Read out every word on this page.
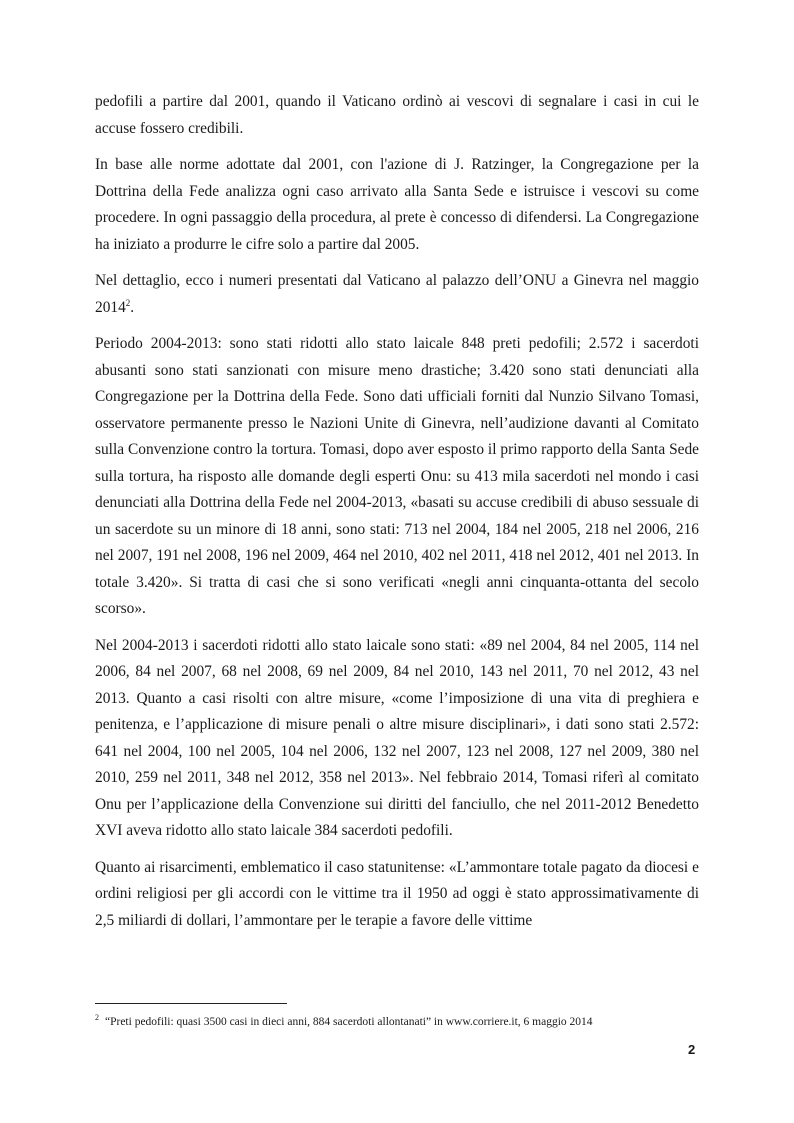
pedofili a partire dal 2001, quando il Vaticano ordinò ai vescovi di segnalare i casi in cui le accuse fossero credibili.

In base alle norme adottate dal 2001, con l'azione di J. Ratzinger, la Congregazione per la Dottrina della Fede analizza ogni caso arrivato alla Santa Sede e istruisce i vescovi su come procedere. In ogni passaggio della procedura, al prete è concesso di difendersi. La Congregazione ha iniziato a produrre le cifre solo a partire dal 2005.

Nel dettaglio, ecco i numeri presentati dal Vaticano al palazzo dell’ONU a Ginevra nel maggio 2014$^2$.

Periodo 2004-2013: sono stati ridotti allo stato laicale 848 preti pedofili; 2.572 i sacerdoti abusanti sono stati sanzionati con misure meno drastiche; 3.420 sono stati denunciati alla Congregazione per la Dottrina della Fede. Sono dati ufficiali forniti dal Nunzio Silvano Tomasi, osservatore permanente presso le Nazioni Unite di Ginevra, nell’audizione davanti al Comitato sulla Convenzione contro la tortura. Tomasi, dopo aver esposto il primo rapporto della Santa Sede sulla tortura, ha risposto alle domande degli esperti Onu: su 413 mila sacerdoti nel mondo i casi denunciati alla Dottrina della Fede nel 2004-2013, «basati su accuse credibili di abuso sessuale di un sacerdote su un minore di 18 anni, sono stati: 713 nel 2004, 184 nel 2005, 218 nel 2006, 216 nel 2007, 191 nel 2008, 196 nel 2009, 464 nel 2010, 402 nel 2011, 418 nel 2012, 401 nel 2013. In totale 3.420». Si tratta di casi che si sono verificati «negli anni cinquanta-ottanta del secolo scorso».

Nel 2004-2013 i sacerdoti ridotti allo stato laicale sono stati: «89 nel 2004, 84 nel 2005, 114 nel 2006, 84 nel 2007, 68 nel 2008, 69 nel 2009, 84 nel 2010, 143 nel 2011, 70 nel 2012, 43 nel 2013. Quanto a casi risolti con altre misure, «come l’imposizione di una vita di preghiera e penitenza, e l’applicazione di misure penali o altre misure disciplinari», i dati sono stati 2.572: 641 nel 2004, 100 nel 2005, 104 nel 2006, 132 nel 2007, 123 nel 2008, 127 nel 2009, 380 nel 2010, 259 nel 2011, 348 nel 2012, 358 nel 2013». Nel febbraio 2014, Tomasi riferì al comitato Onu per l’applicazione della Convenzione sui diritti del fanciullo, che nel 2011-2012 Benedetto XVI aveva ridotto allo stato laicale 384 sacerdoti pedofili.

Quanto ai risarcimenti, emblematico il caso statunitense: «L’ammontare totale pagato da diocesi e ordini religiosi per gli accordi con le vittime tra il 1950 ad oggi è stato approssimativamente di 2,5 miliardi di dollari, l’ammontare per le terapie a favore delle vittime

$^2$ “Preti pedofili: quasi 3500 casi in dieci anni, 884 sacerdoti allontanati” in www.corriere.it, 6 maggio 2014
2
